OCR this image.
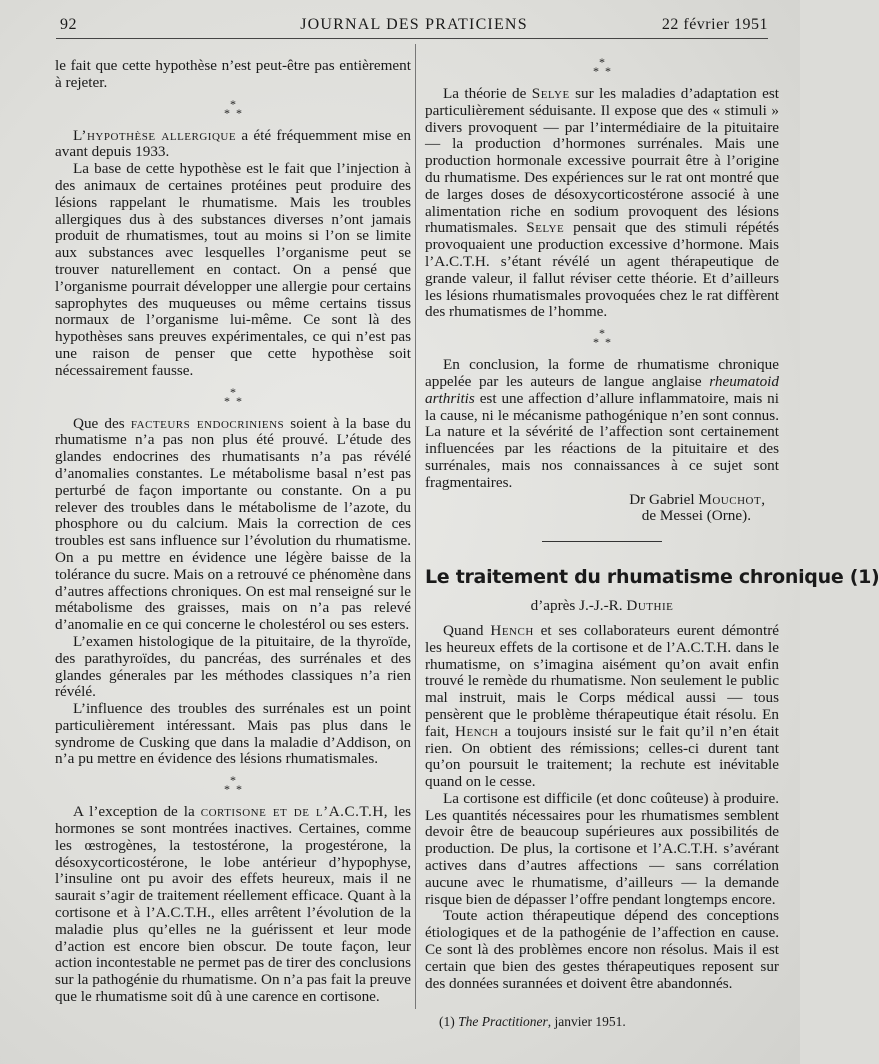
92	JOURNAL DES PRATICIENS	22 février 1951

le fait que cette hypothèse n’est peut-être pas entièrement à rejeter.

*
* *

L’hypothèse allergique a été fréquemment mise en avant depuis 1933.

La base de cette hypothèse est le fait que l’injection à des animaux de certaines protéines peut produire des lésions rappelant le rhumatisme. Mais les troubles allergiques dus à des substances diverses n’ont jamais produit de rhumatismes, tout au moins si l’on se limite aux substances avec lesquelles l’organisme peut se trouver naturellement en contact. On a pensé que l’organisme pourrait développer une allergie pour certains saprophytes des muqueuses ou même certains tissus normaux de l’organisme lui-même. Ce sont là des hypothèses sans preuves expérimentales, ce qui n’est pas une raison de penser que cette hypothèse soit nécessairement fausse.

*
* *

Que des facteurs endocriniens soient à la base du rhumatisme n’a pas non plus été prouvé. L’étude des glandes endocrines des rhumatisants n’a pas révélé d’anomalies constantes. Le métabolisme basal n’est pas perturbé de façon importante ou constante. On a pu relever des troubles dans le métabolisme de l’azote, du phosphore ou du calcium. Mais la correction de ces troubles est sans influence sur l’évolution du rhumatisme. On a pu mettre en évidence une légère baisse de la tolérance du sucre. Mais on a retrouvé ce phénomène dans d’autres affections chroniques. On est mal renseigné sur le métabolisme des graisses, mais on n’a pas relevé d’anomalie en ce qui concerne le cholestérol ou ses esters.

L’examen histologique de la pituitaire, de la thyroïde, des parathyroïdes, du pancréas, des surrénales et des glandes génerales par les méthodes classiques n’a rien révélé.

L’influence des troubles des surrénales est un point particulièrement intéressant. Mais pas plus dans le syndrome de Cusking que dans la maladie d’Addison, on n’a pu mettre en évidence des lésions rhumatismales.

*
* *

A l’exception de la cortisone et de l’A.C.T.H, les hormones se sont montrées inactives. Certaines, comme les œstrogènes, la testostérone, la progestérone, la désoxycorticostérone, le lobe antérieur d’hypophyse, l’insuline ont pu avoir des effets heureux, mais il ne saurait s’agir de traitement réellement efficace. Quant à la cortisone et à l’A.C.T.H., elles arrêtent l’évolution de la maladie plus qu’elles ne la guérissent et leur mode d’action est encore bien obscur. De toute façon, leur action incontestable ne permet pas de tirer des conclusions sur la pathogénie du rhumatisme. On n’a pas fait la preuve que le rhumatisme soit dû à une carence en cortisone.

*
* *

La théorie de Selye sur les maladies d’adaptation est particulièrement séduisante. Il expose que des « stimuli » divers provoquent — par l’intermédiaire de la pituitaire — la production d’hormones surrénales. Mais une production hormonale excessive pourrait être à l’origine du rhumatisme. Des expériences sur le rat ont montré que de larges doses de désoxycorticostérone associé à une alimentation riche en sodium provoquent des lésions rhumatismales. Selye pensait que des stimuli répétés provoquaient une production excessive d’hormone. Mais l’A.C.T.H. s’étant révélé un agent thérapeutique de grande valeur, il fallut réviser cette théorie. Et d’ailleurs les lésions rhumatismales provoquées chez le rat diffèrent des rhumatismes de l’homme.

*
* *

En conclusion, la forme de rhumatisme chronique appelée par les auteurs de langue anglaise rheumatoid arthritis est une affection d’allure inflammatoire, mais ni la cause, ni le mécanisme pathogénique n’en sont connus. La nature et la sévérité de l’affection sont certainement influencées par les réactions de la pituitaire et des surrénales, mais nos connaissances à ce sujet sont fragmentaires.

Dr Gabriel Mouchot,
de Messei (Orne).
Le traitement du rhumatisme chronique (1)
d’après J.-J.-R. Duthie

Quand Hench et ses collaborateurs eurent démontré les heureux effets de la cortisone et de l’A.C.T.H. dans le rhumatisme, on s’imagina aisément qu’on avait enfin trouvé le remède du rhumatisme. Non seulement le public mal instruit, mais le Corps médical aussi — tous pensèrent que le problème thérapeutique était résolu. En fait, Hench a toujours insisté sur le fait qu’il n’en était rien. On obtient des rémissions; celles-ci durent tant qu’on poursuit le traitement; la rechute est inévitable quand on le cesse.

La cortisone est difficile (et donc coûteuse) à produire. Les quantités nécessaires pour les rhumatismes semblent devoir être de beaucoup supérieures aux possibilités de production. De plus, la cortisone et l’A.C.T.H. s’avérant actives dans d’autres affections — sans corrélation aucune avec le rhumatisme, d’ailleurs — la demande risque bien de dépasser l’offre pendant longtemps encore.

Toute action thérapeutique dépend des conceptions étiologiques et de la pathogénie de l’affection en cause. Ce sont là des problèmes encore non résolus. Mais il est certain que bien des gestes thérapeutiques reposent sur des données surannées et doivent être abandonnés.

(1) The Practitioner, janvier 1951.
